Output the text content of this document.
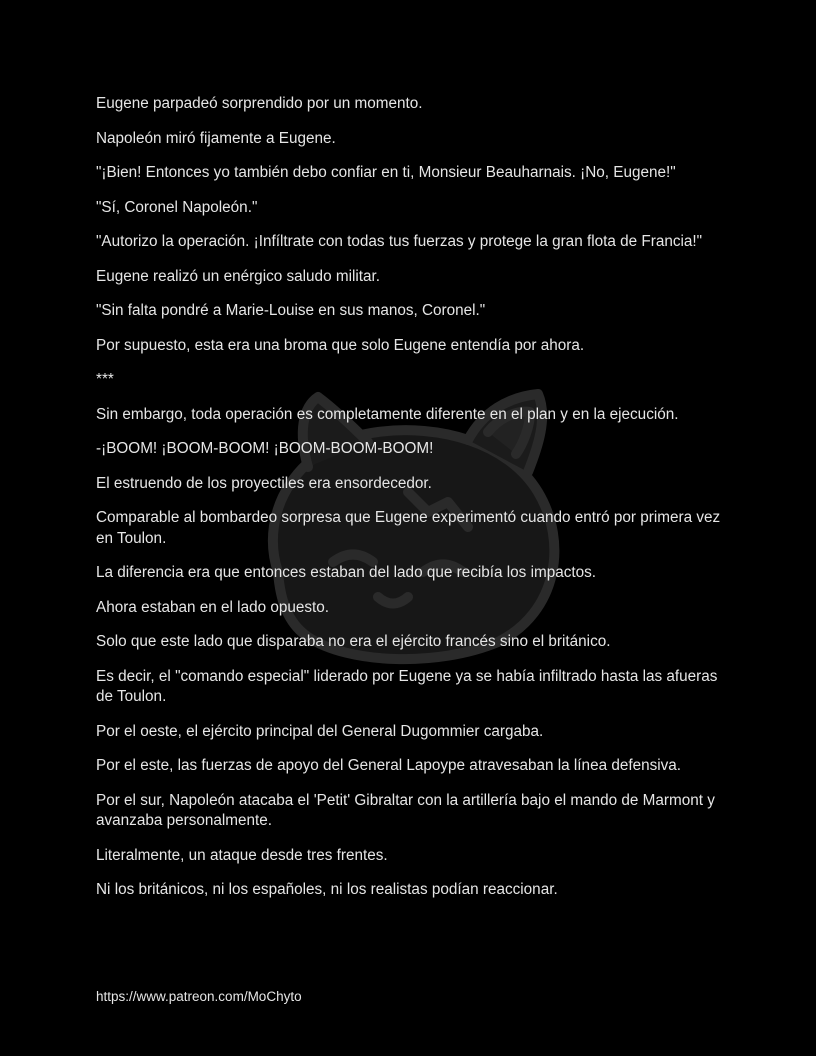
Eugene parpadeó sorprendido por un momento.

Napoleón miró fijamente a Eugene.

"¡Bien! Entonces yo también debo confiar en ti, Monsieur Beauharnais. ¡No, Eugene!"

"Sí, Coronel Napoleón."

"Autorizo la operación. ¡Infíltrate con todas tus fuerzas y protege la gran flota de Francia!"

Eugene realizó un enérgico saludo militar.

"Sin falta pondré a Marie-Louise en sus manos, Coronel."

Por supuesto, esta era una broma que solo Eugene entendía por ahora.

***

Sin embargo, toda operación es completamente diferente en el plan y en la ejecución.

-¡BOOM! ¡BOOM-BOOM! ¡BOOM-BOOM-BOOM!

El estruendo de los proyectiles era ensordecedor.

Comparable al bombardeo sorpresa que Eugene experimentó cuando entró por primera vez en Toulon.

La diferencia era que entonces estaban del lado que recibía los impactos.

Ahora estaban en el lado opuesto.

Solo que este lado que disparaba no era el ejército francés sino el británico.

Es decir, el "comando especial" liderado por Eugene ya se había infiltrado hasta las afueras de Toulon.

Por el oeste, el ejército principal del General Dugommier cargaba.

Por el este, las fuerzas de apoyo del General Lapoype atravesaban la línea defensiva.

Por el sur, Napoleón atacaba el 'Petit' Gibraltar con la artillería bajo el mando de Marmont y avanzaba personalmente.

Literalmente, un ataque desde tres frentes.

Ni los británicos, ni los españoles, ni los realistas podían reaccionar.

https://www.patreon.com/MoChyto
